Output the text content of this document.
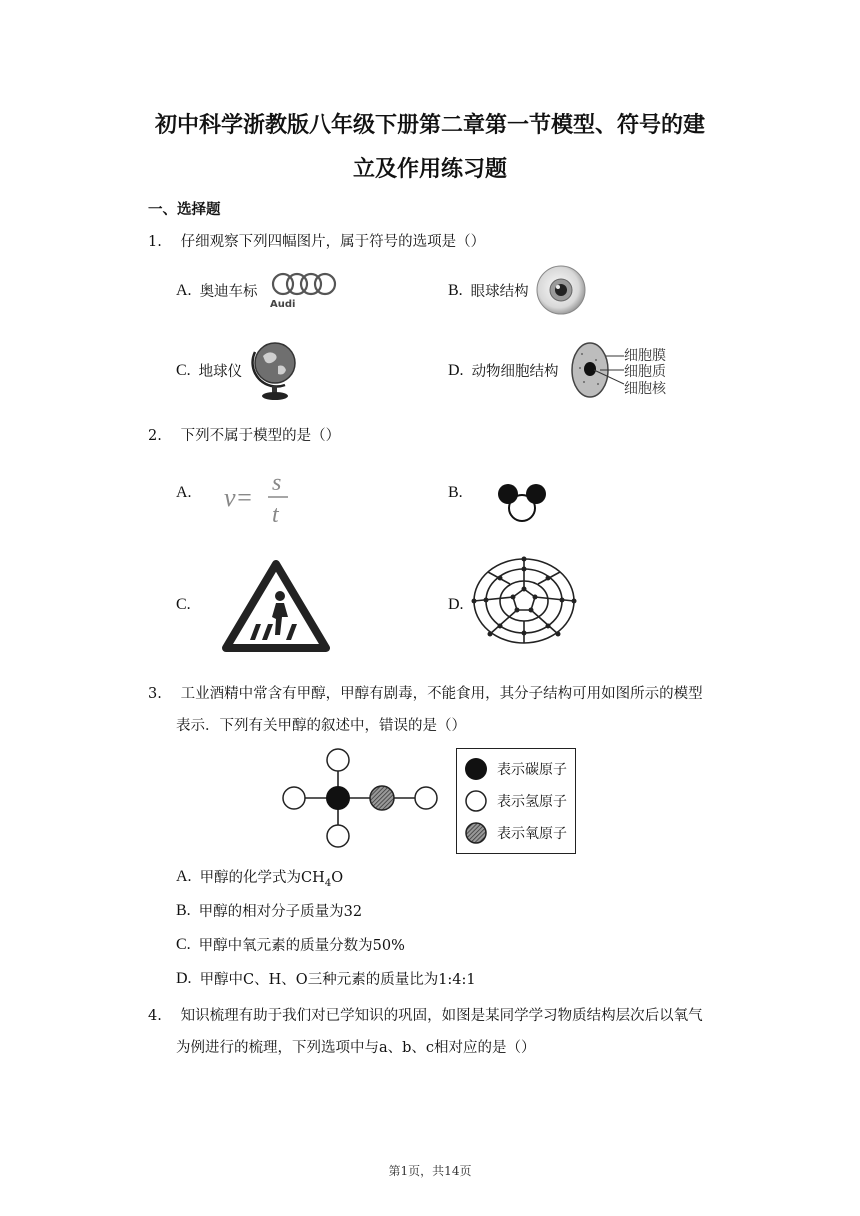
初中科学浙教版八年级下册第二章第一节模型、符号的建
立及作用练习题
一、选择题
1. 仔细观察下列四幅图片，属于符号的选项是（）
A. 奥迪车标
Audi
B. 眼球结构
C. 地球仪	D. 动物细胞结构
细胞膜
细胞质
细胞核
2. 下列不属于模型的是（）
A. v= s
t
B.
C.	D.
3. 工业酒精中常含有甲醇，甲醇有剧毒，不能食用，其分子结构可用如图所示的模型
表示．下列有关甲醇的叙述中，错误的是（）
表示碳原子
表示氢原子
表示氧原子
A. 甲醇的化学式为$CH_4O$
B. 甲醇的相对分子质量为32
C. 甲醇中氧元素的质量分数为50%
D. 甲醇中C、H、O三种元素的质量比为1:4:1
4. 知识梳理有助于我们对已学知识的巩固，如图是某同学学习物质结构层次后以氧气
为例进行的梳理，下列选项中与a、b、c相对应的是（）
第1页，共14页
